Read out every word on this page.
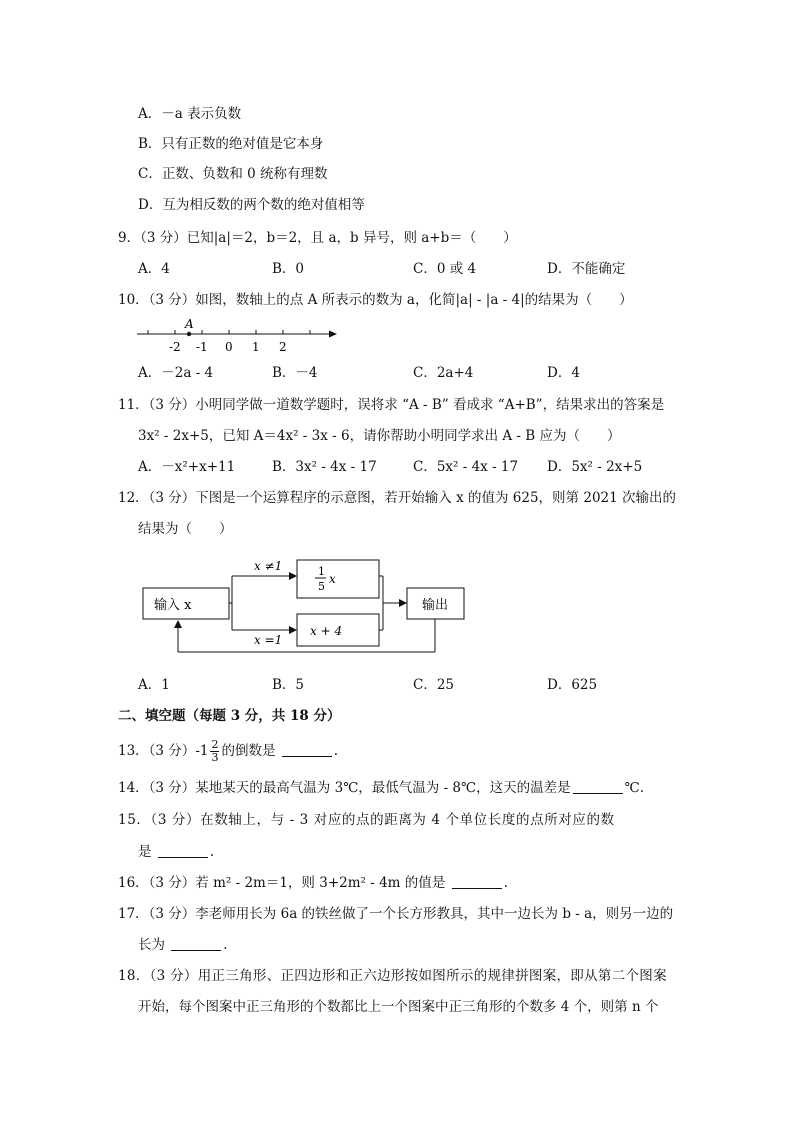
A．－a 表示负数
B．只有正数的绝对值是它本身
C．正数、负数和 0 统称有理数
D．互为相反数的两个数的绝对值相等
9．（3 分）已知|a|＝2，b＝2，且 a，b 异号，则 a+b＝（　　）
A．4	B．0	C．0 或 4	D．不能确定
10．（3 分）如图，数轴上的点 A 所表示的数为 a，化简|a| - |a - 4|的结果为（　　）
A
-2 -1 0 1 2
A．－2a - 4	B．－4	C．2a+4	D．4
11．（3 分）小明同学做一道数学题时，误将求 “A - B” 看成求 “A+B”，结果求出的答案是
3x² - 2x+5，已知 A＝4x² - 3x - 6，请你帮助小明同学求出 A - B 应为（　　）
A．－x²+x+11	B．3x² - 4x - 17	C．5x² - 4x - 17 D．5x² - 2x+5
12．（3 分）下图是一个运算程序的示意图，若开始输入 x 的值为 625，则第 2021 次输出的
结果为（　　）
输入 x
x ≠1
x =1
1
5
x
x + 4
输出
A．1	B．5	C．25	D．625
二、填空题（每题 3 分，共 18 分）
13．（3 分）$-1 \frac{2}{3}$ 的倒数是	.
14．（3 分）某地某天的最高气温为 3℃，最低气温为 - 8℃，这天的温差是	℃.
15．（3 分）在数轴上，与 - 3 对应的点的距离为 4 个单位长度的点所对应的数
是	.
16．（3 分）若 m² - 2m＝1，则 3+2m² - 4m 的值是	.
17．（3 分）李老师用长为 6a 的铁丝做了一个长方形教具，其中一边长为 b - a，则另一边的
长为	.
18．（3 分）用正三角形、正四边形和正六边形按如图所示的规律拼图案，即从第二个图案
开始，每个图案中正三角形的个数都比上一个图案中正三角形的个数多 4 个，则第 n 个
